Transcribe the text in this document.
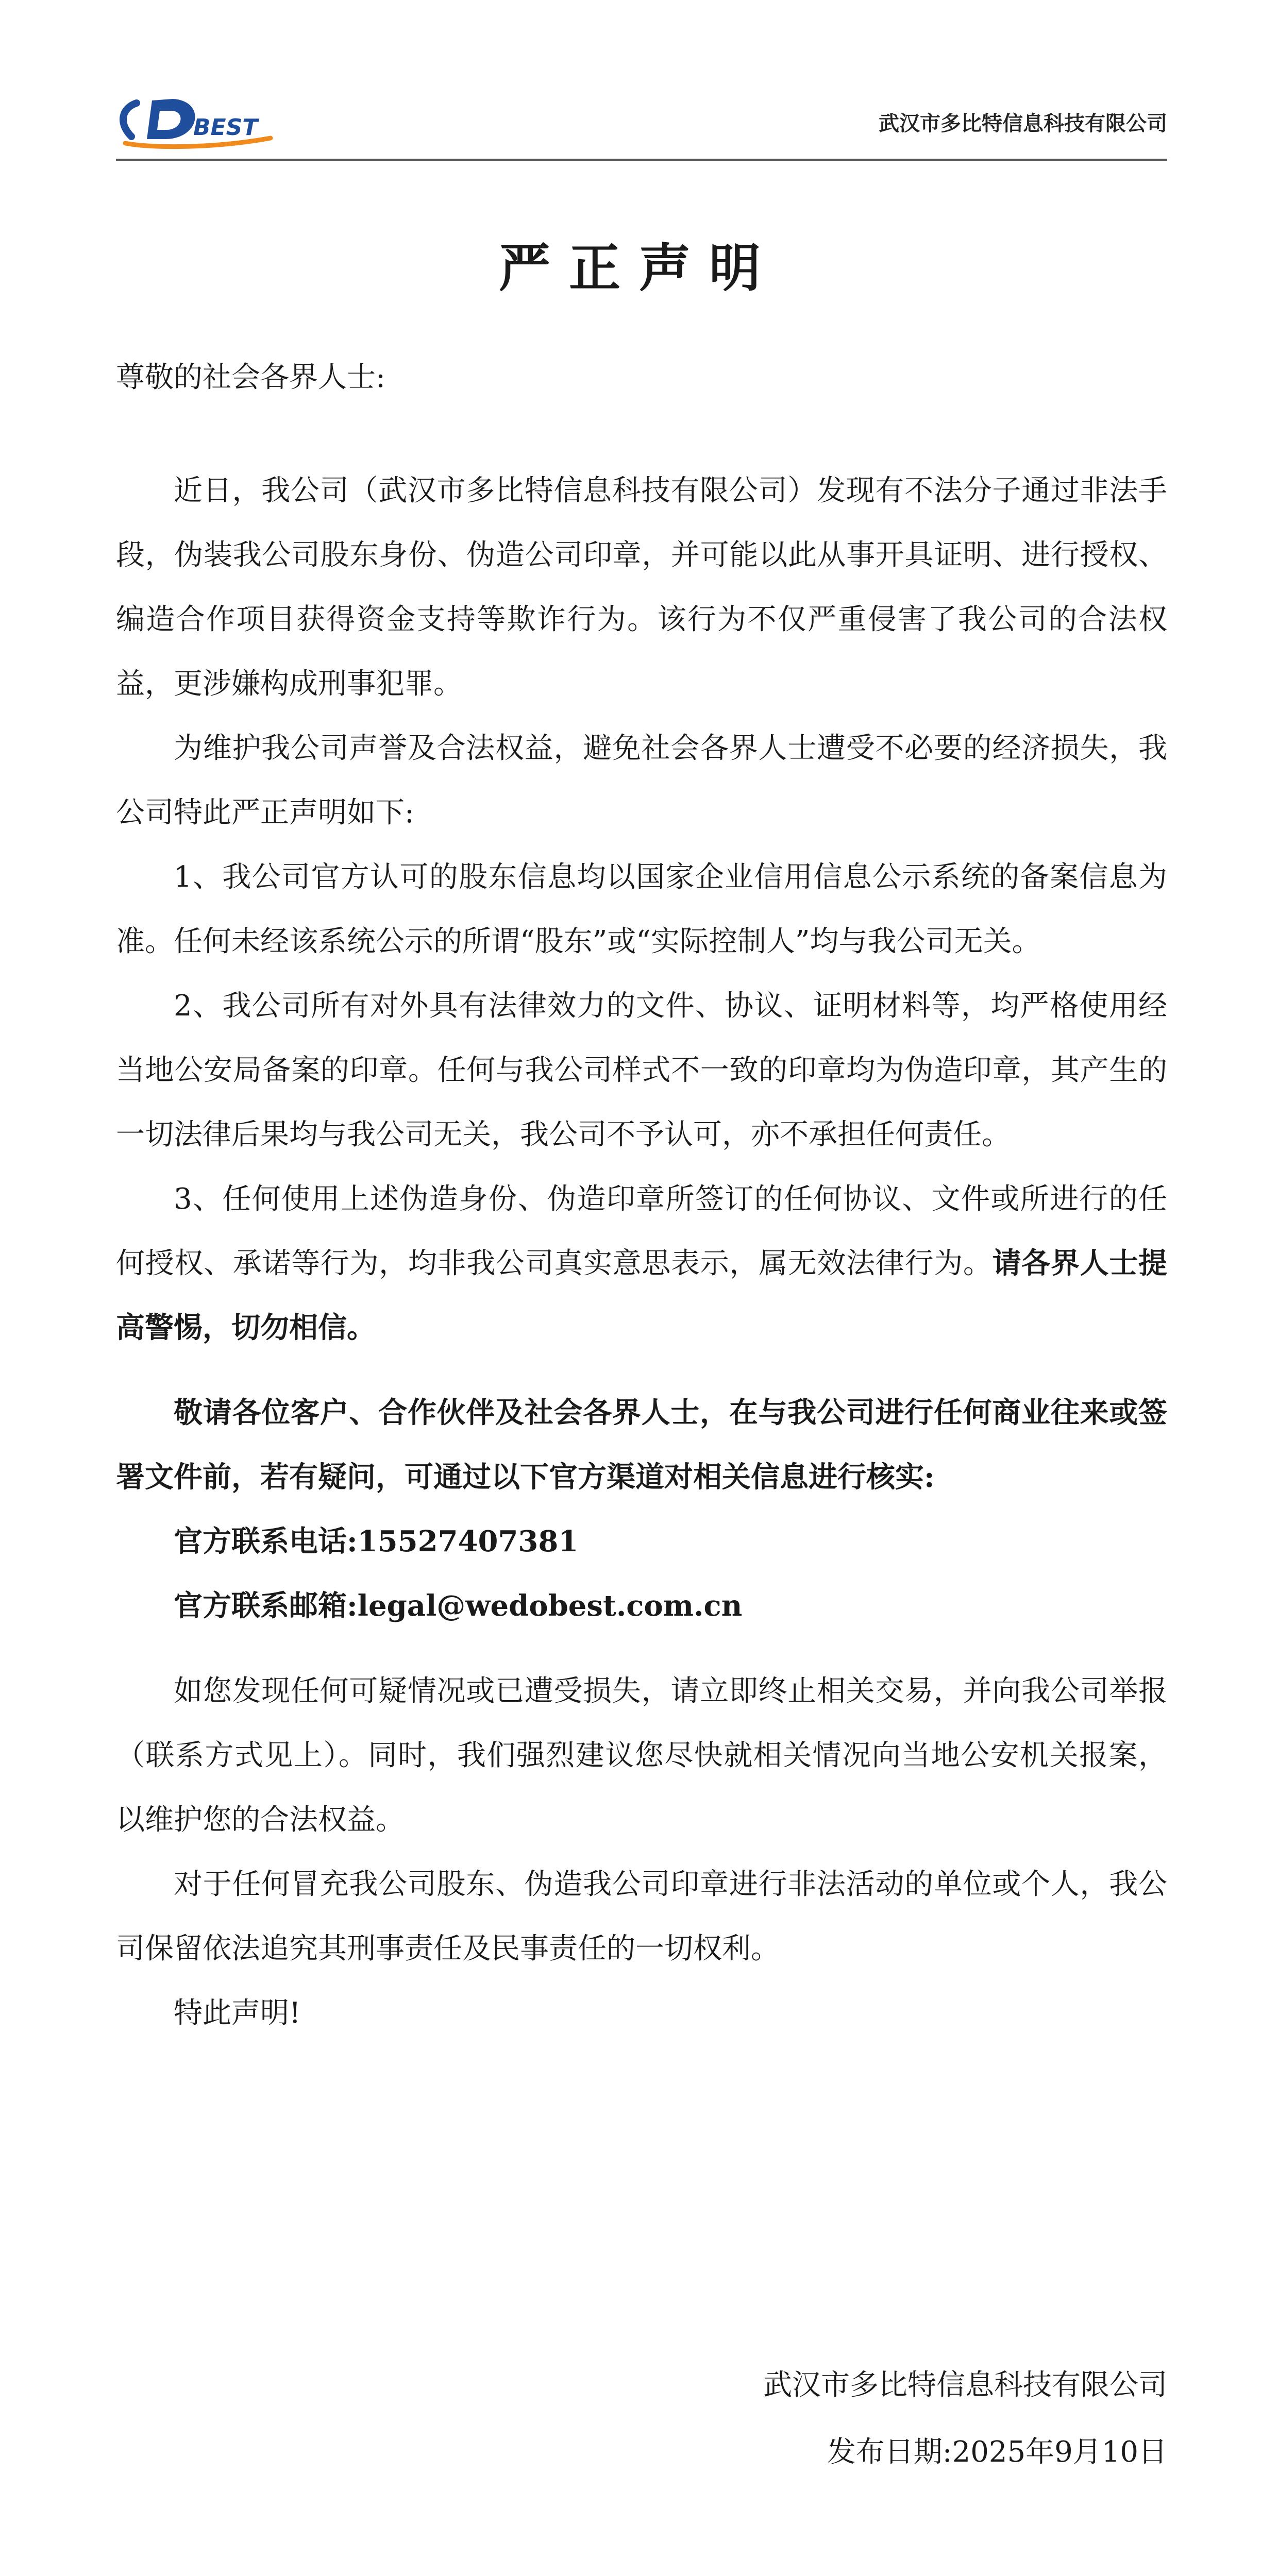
BEST	武汉市多比特信息科技有限公司
严正声明

尊敬的社会各界人士:

近日，我公司（武汉市多比特信息科技有限公司）发现有不法分子通过非法手段，伪装我公司股东身份、伪造公司印章，并可能以此从事开具证明、进行授权、编造合作项目获得资金支持等欺诈行为。该行为不仅严重侵害了我公司的合法权益，更涉嫌构成刑事犯罪。

为维护我公司声誉及合法权益，避免社会各界人士遭受不必要的经济损失，我公司特此严正声明如下:

1、我公司官方认可的股东信息均以国家企业信用信息公示系统的备案信息为准。任何未经该系统公示的所谓“股东”或“实际控制人”均与我公司无关。

2、我公司所有对外具有法律效力的文件、协议、证明材料等，均严格使用经当地公安局备案的印章。任何与我公司样式不一致的印章均为伪造印章，其产生的一切法律后果均与我公司无关，我公司不予认可，亦不承担任何责任。

3、任何使用上述伪造身份、伪造印章所签订的任何协议、文件或所进行的任何授权、承诺等行为，均非我公司真实意思表示，属无效法律行为。请各界人士提高警惕，切勿相信。

敬请各位客户、合作伙伴及社会各界人士，在与我公司进行任何商业往来或签署文件前，若有疑问，可通过以下官方渠道对相关信息进行核实:

官方联系电话:15527407381

官方联系邮箱:legal@wedobest.com.cn

如您发现任何可疑情况或已遭受损失，请立即终止相关交易，并向我公司举报（联系方式见上）。同时，我们强烈建议您尽快就相关情况向当地公安机关报案，以维护您的合法权益。

对于任何冒充我公司股东、伪造我公司印章进行非法活动的单位或个人，我公司保留依法追究其刑事责任及民事责任的一切权利。

特此声明!

武汉市多比特信息科技有限公司
发布日期:2025年9月10日
